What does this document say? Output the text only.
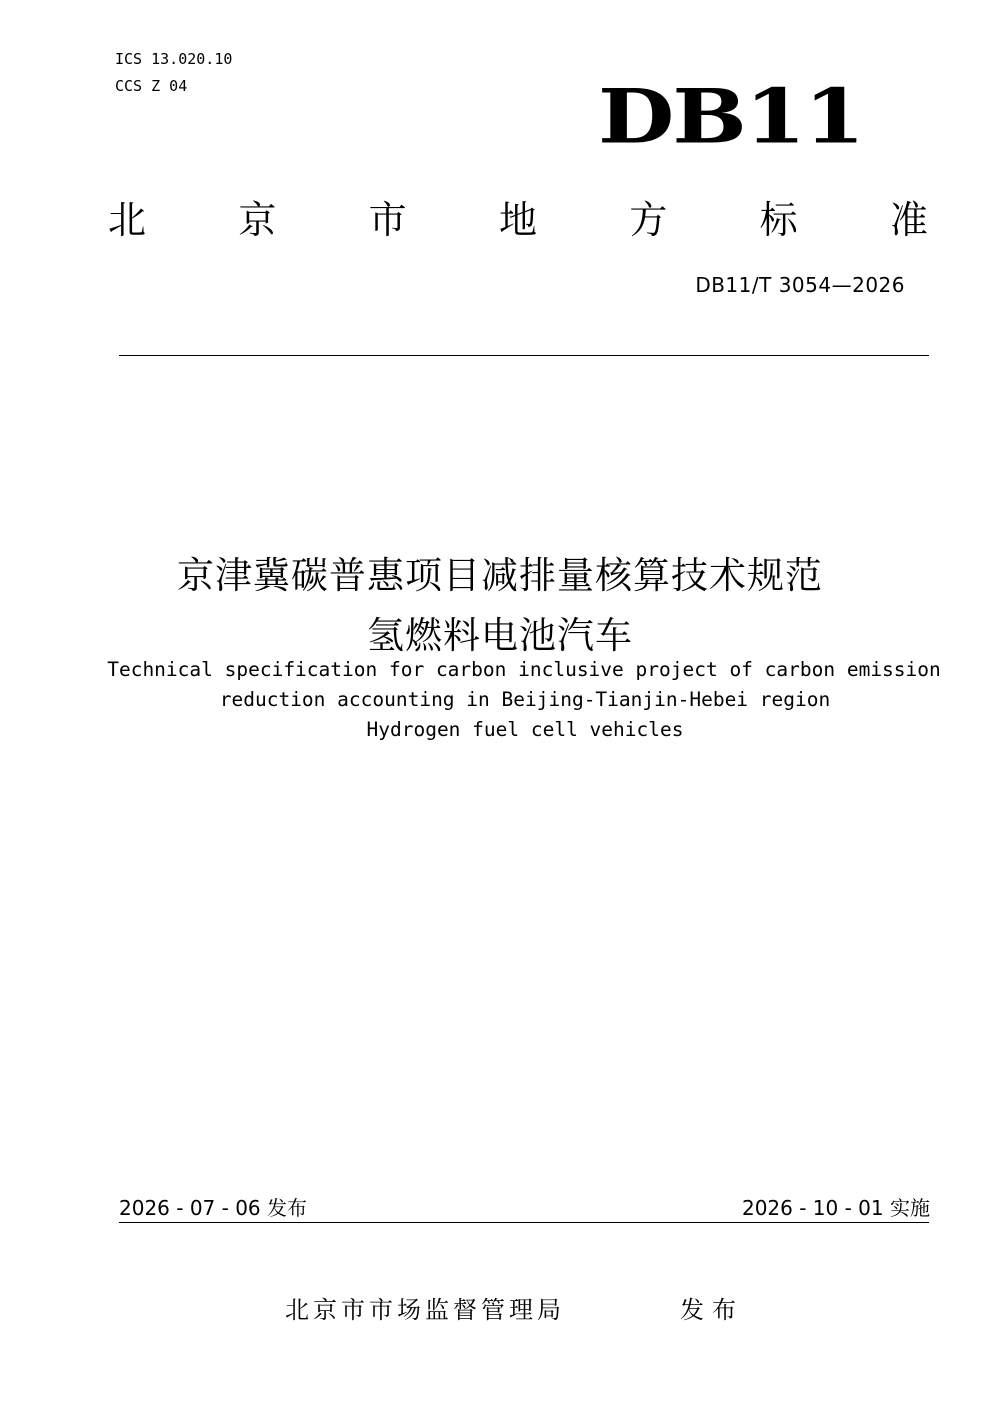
ICS 13.020.10
CCS Z 04	DB11
北 京 市 地 方 标 准
DB11/T 3054—2026
京津冀碳普惠项目减排量核算技术规范
氢燃料电池汽车
Technical specification for carbon inclusive project of carbon emission
reduction accounting in Beijing-Tianjin-Hebei region
Hydrogen fuel cell vehicles
2026 - 07 - 06 发布	2026 - 10 - 01 实施
北京市市场监督管理局	发布
